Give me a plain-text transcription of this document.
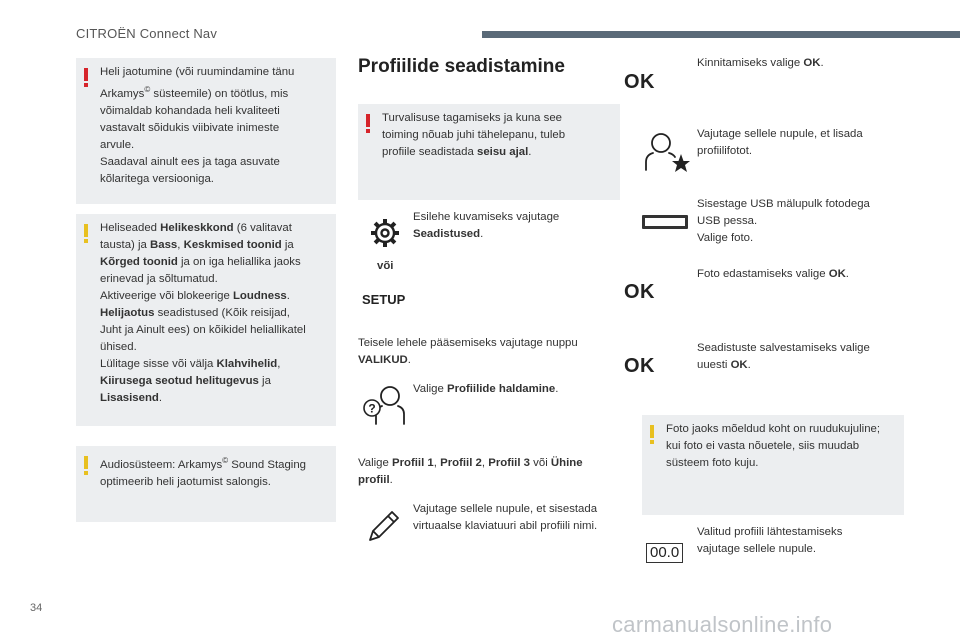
CITROËN Connect Nav
Heli jaotumine (või ruumindamine tänu
Arkamys© süsteemile) on töötlus, mis
võimaldab kohandada heli kvaliteeti
vastavalt sõidukis viibivate inimeste
arvule.
Saadaval ainult ees ja taga asuvate
kõlaritega versiooniga.
Heliseaded Helikeskkond (6 valitavat
tausta) ja Bass, Keskmised toonid ja
Kõrged toonid ja on iga heliallika jaoks
erinevad ja sõltumatud.
Aktiveerige või blokeerige Loudness.
Helijaotus seadistused (Kõik reisijad,
Juht ja Ainult ees) on kõikidel heliallikatel
ühised.
Lülitage sisse või välja Klahvihelid,
Kiirusega seotud helitugevus ja
Lisasisend.
Audiosüsteem: Arkamys© Sound Staging
optimeerib heli jaotumist salongis.
Profiilide seadistamine
Turvalisuse tagamiseks ja kuna see
toiming nõuab juhi tähelepanu, tuleb
profiile seadistada seisu ajal.
Esilehe kuvamiseks vajutage
Seadistused.
või
SETUP
Teisele lehele pääsemiseks vajutage nuppu
VALIKUD.
?
Valige Profiilide haldamine.
Valige Profiil 1, Profiil 2, Profiil 3 või Ühine
profiil.
Vajutage sellele nupule, et sisestada
virtuaalse klaviatuuri abil profiili nimi.
OK
Kinnitamiseks valige OK.
Vajutage sellele nupule, et lisada
profiilifotot.
Sisestage USB mälupulk fotodega
USB pessa.
Valige foto.
OK
Foto edastamiseks valige OK.
OK
Seadistuste salvestamiseks valige
uuesti OK.
Foto jaoks mõeldud koht on ruudukujuline;
kui foto ei vasta nõuetele, siis muudab
süsteem foto kuju.
00.0
Valitud profiili lähtestamiseks
vajutage sellele nupule.
34
carmanualsonline.info
